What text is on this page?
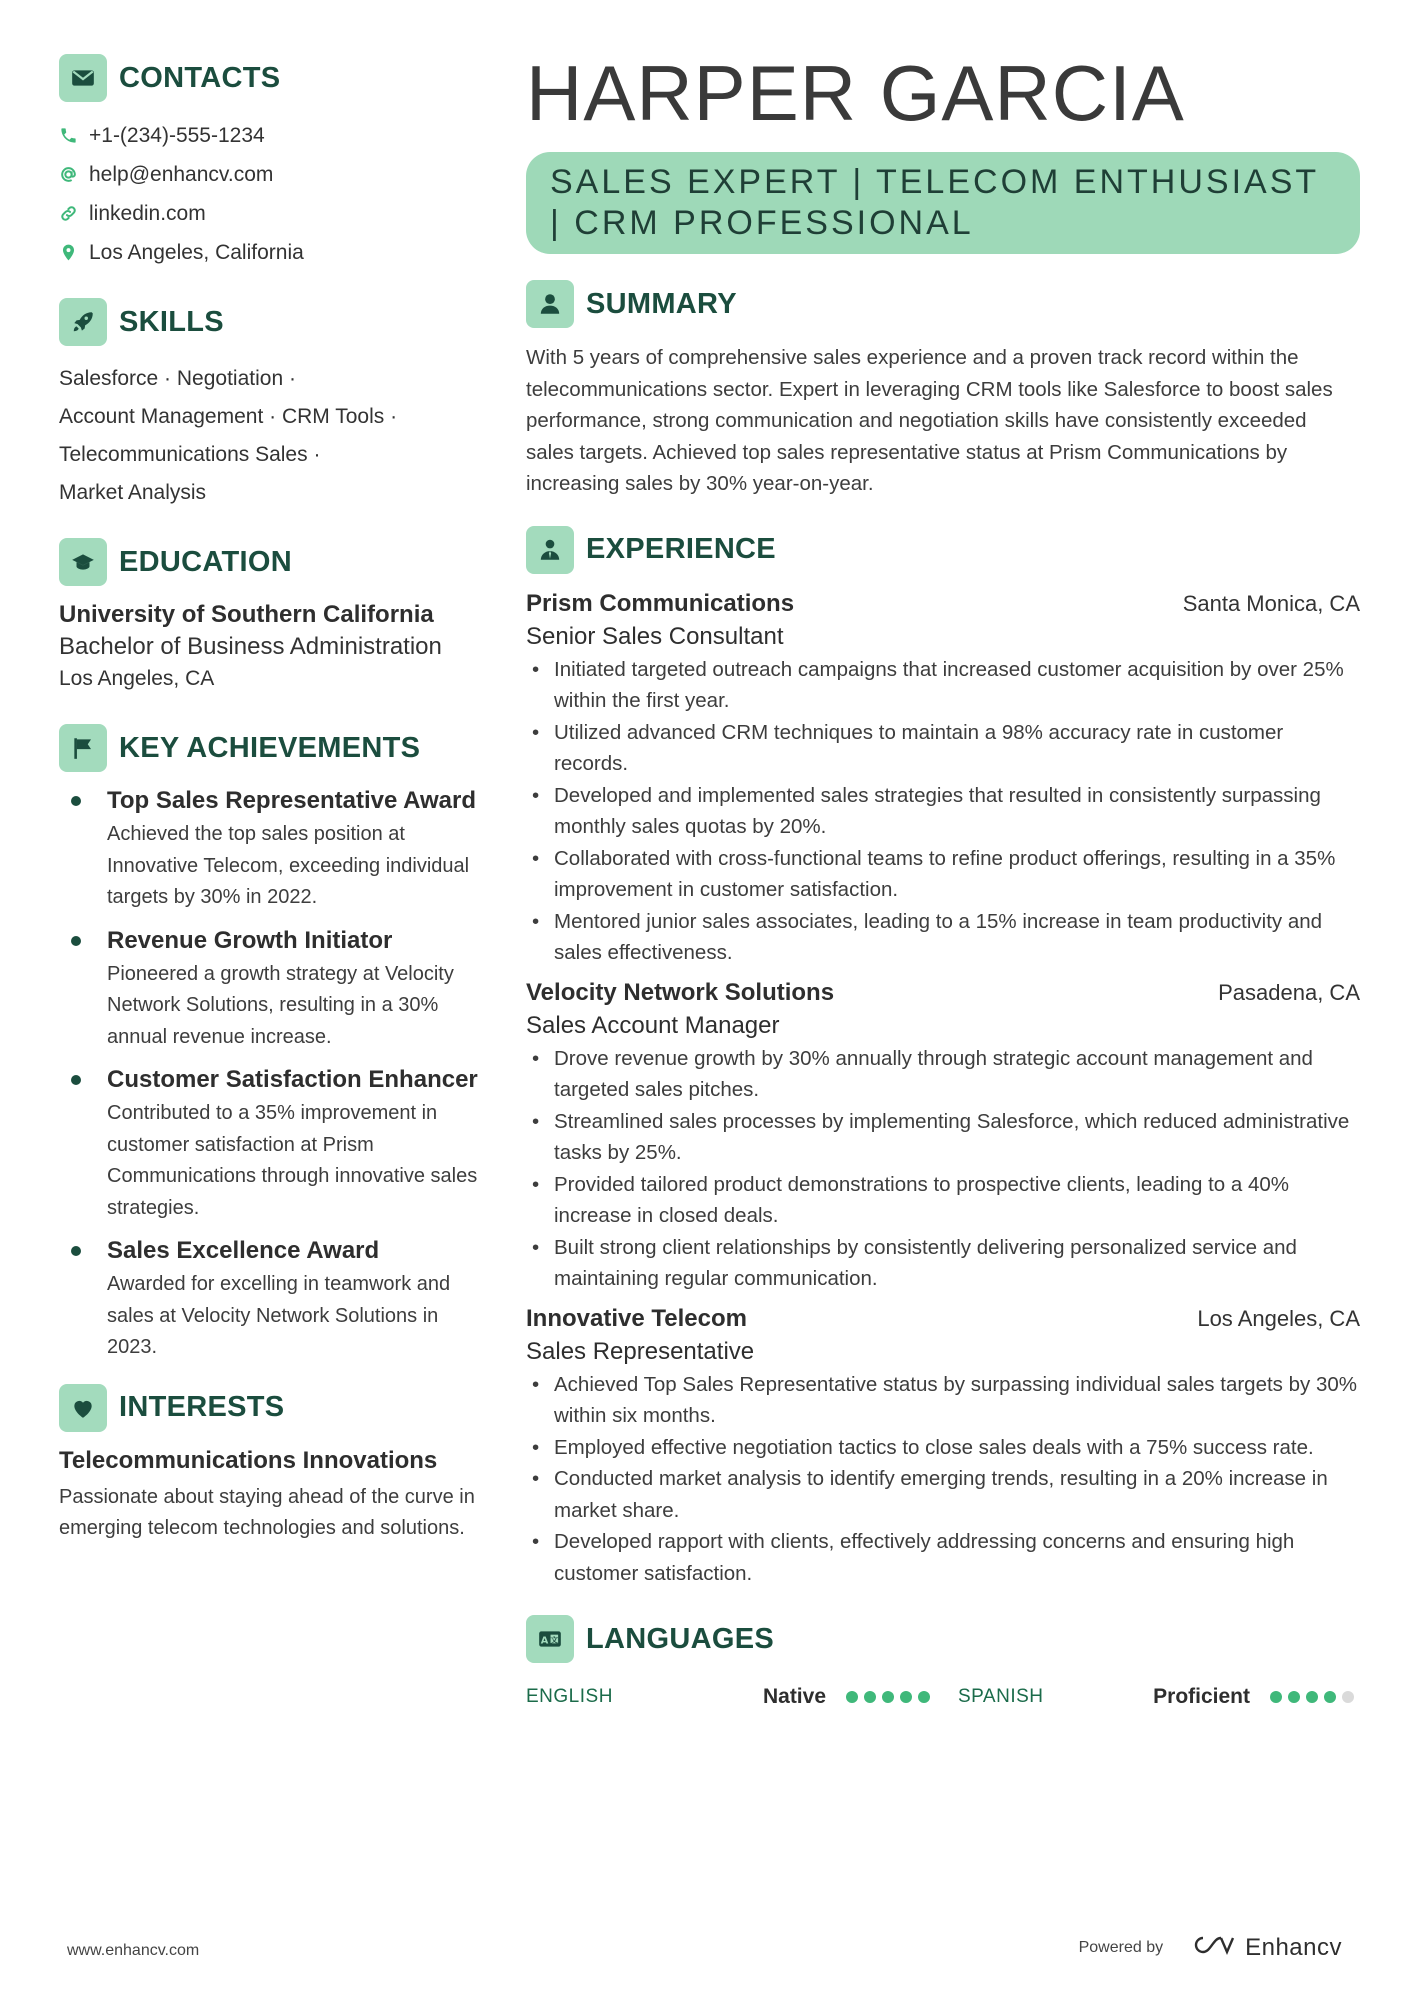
CONTACTS
+1-(234)-555-1234
help@enhancv.com
linkedin.com
Los Angeles, California
SKILLS
Salesforce · Negotiation ·
Account Management · CRM Tools ·
Telecommunications Sales ·
Market Analysis
EDUCATION
University of Southern California
Bachelor of Business Administration
Los Angeles, CA
KEY ACHIEVEMENTS
Top Sales Representative Award
Achieved the top sales position at Innovative Telecom, exceeding individual targets by 30% in 2022.
Revenue Growth Initiator
Pioneered a growth strategy at Velocity Network Solutions, resulting in a 30% annual revenue increase.
Customer Satisfaction Enhancer
Contributed to a 35% improvement in customer satisfaction at Prism Communications through innovative sales strategies.
Sales Excellence Award
Awarded for excelling in teamwork and sales at Velocity Network Solutions in 2023.
INTERESTS
Telecommunications Innovations
Passionate about staying ahead of the curve in emerging telecom technologies and solutions.
HARPER GARCIA
SALES EXPERT | TELECOM ENTHUSIAST | CRM PROFESSIONAL
SUMMARY
With 5 years of comprehensive sales experience and a proven track record within the telecommunications sector. Expert in leveraging CRM tools like Salesforce to boost sales performance, strong communication and negotiation skills have consistently exceeded sales targets. Achieved top sales representative status at Prism Communications by increasing sales by 30% year-on-year.
EXPERIENCE
Prism Communications	Santa Monica, CA
Senior Sales Consultant
• Initiated targeted outreach campaigns that increased customer acquisition by over 25% within the first year.
• Utilized advanced CRM techniques to maintain a 98% accuracy rate in customer records.
• Developed and implemented sales strategies that resulted in consistently surpassing monthly sales quotas by 20%.
• Collaborated with cross-functional teams to refine product offerings, resulting in a 35% improvement in customer satisfaction.
• Mentored junior sales associates, leading to a 15% increase in team productivity and sales effectiveness.
Velocity Network Solutions	Pasadena, CA
Sales Account Manager
• Drove revenue growth by 30% annually through strategic account management and targeted sales pitches.
• Streamlined sales processes by implementing Salesforce, which reduced administrative tasks by 25%.
• Provided tailored product demonstrations to prospective clients, leading to a 40% increase in closed deals.
• Built strong client relationships by consistently delivering personalized service and maintaining regular communication.
Innovative Telecom	Los Angeles, CA
Sales Representative
• Achieved Top Sales Representative status by surpassing individual sales targets by 30% within six months.
• Employed effective negotiation tactics to close sales deals with a 75% success rate.
• Conducted market analysis to identify emerging trends, resulting in a 20% increase in market share.
• Developed rapport with clients, effectively addressing concerns and ensuring high customer satisfaction.
A 文 LANGUAGES
ENGLISH	Native	SPANISH	Proficient
www.enhancv.com	Powered by	Enhancv
